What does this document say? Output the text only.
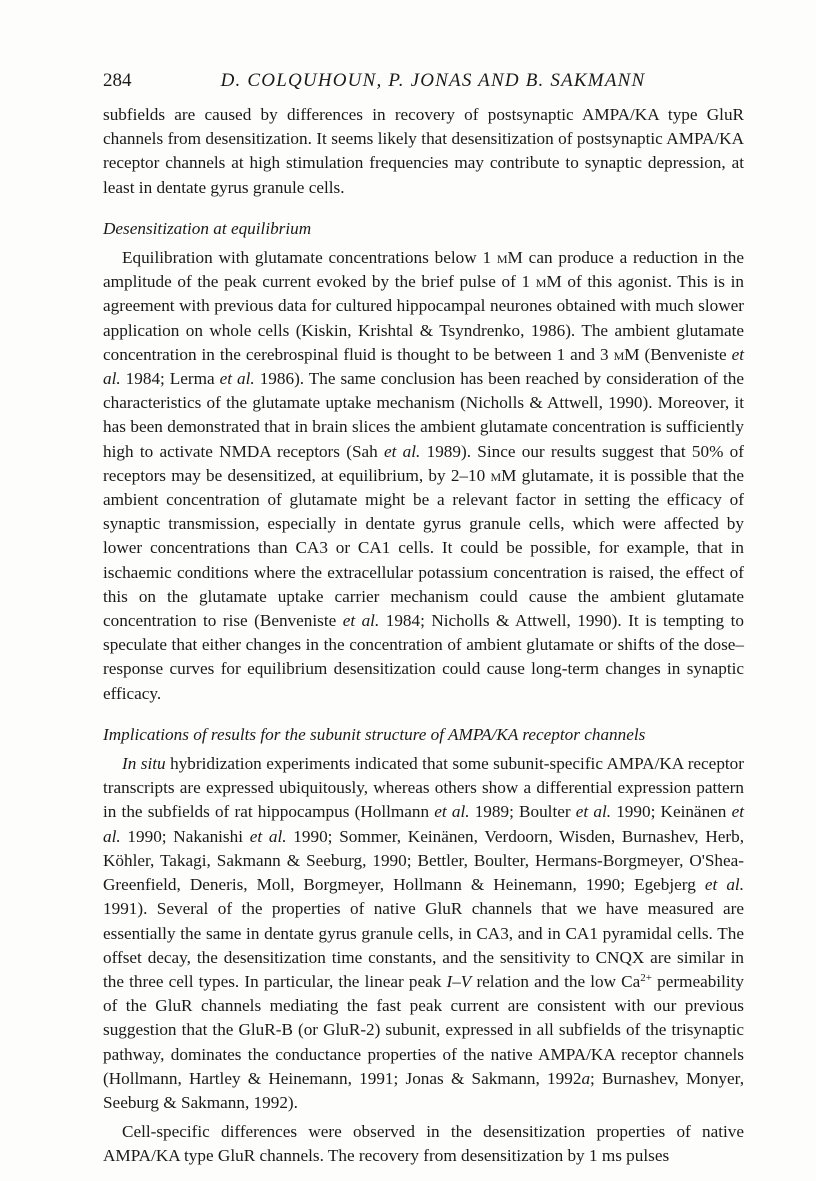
284	D. COLQUHOUN, P. JONAS AND B. SAKMANN

subfields are caused by differences in recovery of postsynaptic AMPA/KA type GluR channels from desensitization. It seems likely that desensitization of postsynaptic AMPA/KA receptor channels at high stimulation frequencies may contribute to synaptic depression, at least in dentate gyrus granule cells.

Desensitization at equilibrium

Equilibration with glutamate concentrations below 1 μM can produce a reduction in the amplitude of the peak current evoked by the brief pulse of 1 mM of this agonist. This is in agreement with previous data for cultured hippocampal neurones obtained with much slower application on whole cells (Kiskin, Krishtal & Tsyndrenko, 1986). The ambient glutamate concentration in the cerebrospinal fluid is thought to be between 1 and 3 μM (Benveniste et al. 1984; Lerma et al. 1986). The same conclusion has been reached by consideration of the characteristics of the glutamate uptake mechanism (Nicholls & Attwell, 1990). Moreover, it has been demonstrated that in brain slices the ambient glutamate concentration is sufficiently high to activate NMDA receptors (Sah et al. 1989). Since our results suggest that 50% of receptors may be desensitized, at equilibrium, by 2–10 μM glutamate, it is possible that the ambient concentration of glutamate might be a relevant factor in setting the efficacy of synaptic transmission, especially in dentate gyrus granule cells, which were affected by lower concentrations than CA3 or CA1 cells. It could be possible, for example, that in ischaemic conditions where the extracellular potassium concentration is raised, the effect of this on the glutamate uptake carrier mechanism could cause the ambient glutamate concentration to rise (Benveniste et al. 1984; Nicholls & Attwell, 1990). It is tempting to speculate that either changes in the concentration of ambient glutamate or shifts of the dose–response curves for equilibrium desensitization could cause long-term changes in synaptic efficacy.

Implications of results for the subunit structure of AMPA/KA receptor channels

In situ hybridization experiments indicated that some subunit-specific AMPA/KA receptor transcripts are expressed ubiquitously, whereas others show a differential expression pattern in the subfields of rat hippocampus (Hollmann et al. 1989; Boulter et al. 1990; Keinänen et al. 1990; Nakanishi et al. 1990; Sommer, Keinänen, Verdoorn, Wisden, Burnashev, Herb, Köhler, Takagi, Sakmann & Seeburg, 1990; Bettler, Boulter, Hermans-Borgmeyer, O'Shea-Greenfield, Deneris, Moll, Borgmeyer, Hollmann & Heinemann, 1990; Egebjerg et al. 1991). Several of the properties of native GluR channels that we have measured are essentially the same in dentate gyrus granule cells, in CA3, and in CA1 pyramidal cells. The offset decay, the desensitization time constants, and the sensitivity to CNQX are similar in the three cell types. In particular, the linear peak I–V relation and the low $Ca^{2+}$ permeability of the GluR channels mediating the fast peak current are consistent with our previous suggestion that the GluR-B (or GluR-2) subunit, expressed in all subfields of the trisynaptic pathway, dominates the conductance properties of the native AMPA/KA receptor channels (Hollmann, Hartley & Heinemann, 1991; Jonas & Sakmann, 1992a; Burnashev, Monyer, Seeburg & Sakmann, 1992).

Cell-specific differences were observed in the desensitization properties of native AMPA/KA type GluR channels. The recovery from desensitization by 1 ms pulses
